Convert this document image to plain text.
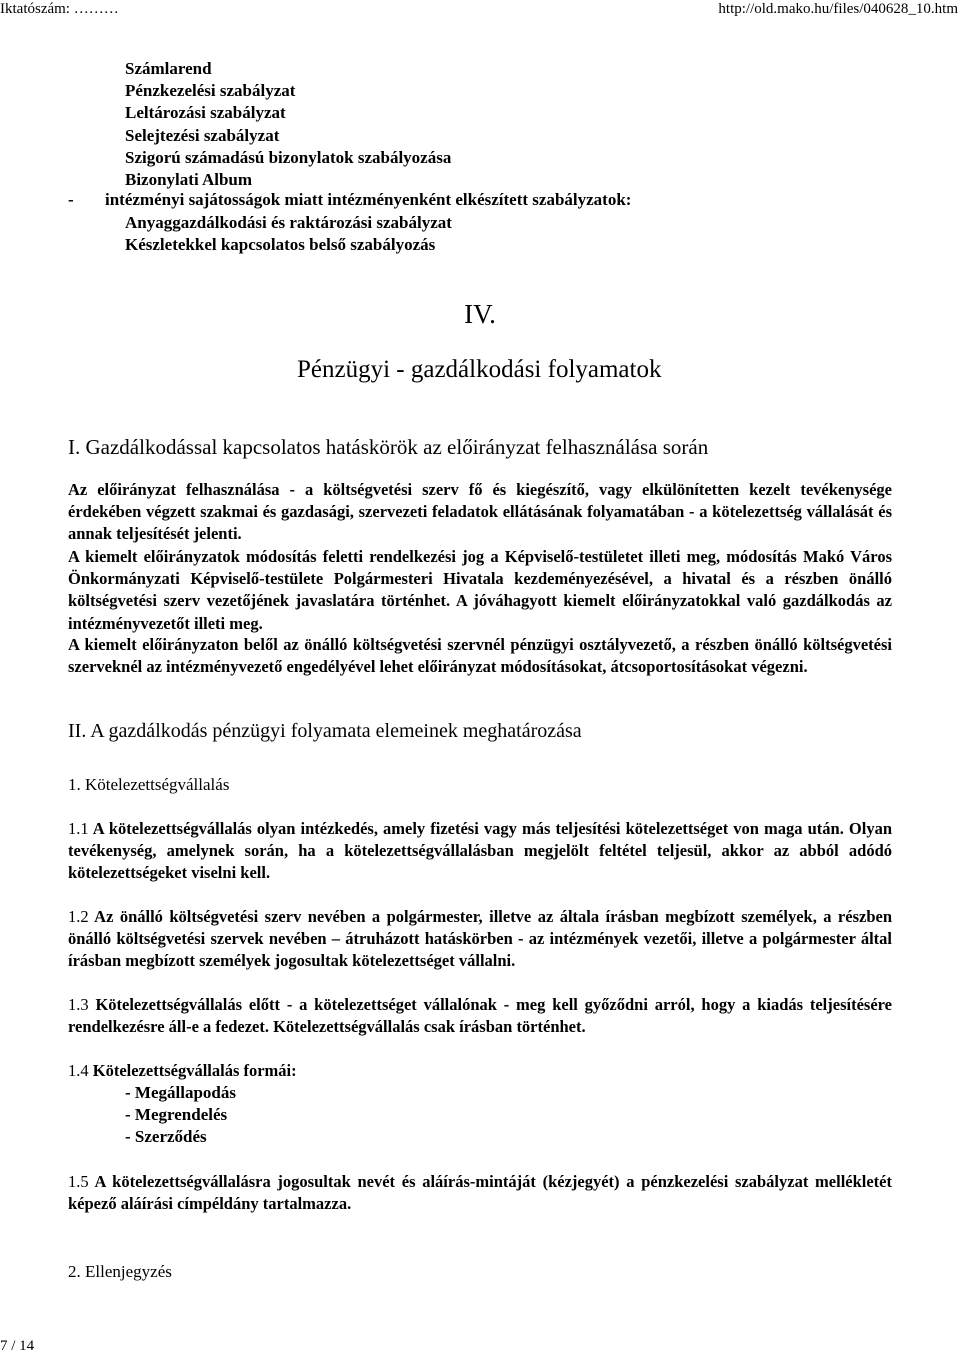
Iktatószám: ………	http://old.mako.hu/files/040628_10.htm
Számlarend
Pénzkezelési szabályzat
Leltározási szabályzat
Selejtezési szabályzat
Szigorú számadású bizonylatok szabályozása
Bizonylati Album
- intézményi sajátosságok miatt intézményenként elkészített szabályzatok:
Anyaggazdálkodási és raktározási szabályzat
Készletekkel kapcsolatos belső szabályozás
IV.
Pénzügyi - gazdálkodási folyamatok
I. Gazdálkodással kapcsolatos hatáskörök az előirányzat felhasználása során
Az előirányzat felhasználása - a költségvetési szerv fő és kiegészítő, vagy elkülönítetten kezelt tevékenysége érdekében végzett szakmai és gazdasági, szervezeti feladatok ellátásának folyamatában - a kötelezettség vállalását és annak teljesítését jelenti.
A kiemelt előirányzatok módosítás feletti rendelkezési jog a Képviselő-testületet illeti meg, módosítás Makó Város Önkormányzati Képviselő-testülete Polgármesteri Hivatala kezdeményezésével, a hivatal és a részben önálló költségvetési szerv vezetőjének javaslatára történhet. A jóváhagyott kiemelt előirányzatokkal való gazdálkodás az intézményvezetőt illeti meg.
A kiemelt előirányzaton belől az önálló költségvetési szervnél pénzügyi osztályvezető, a részben önálló költségvetési szerveknél az intézményvezető engedélyével lehet előirányzat módosításokat, átcsoportosításokat végezni.
II. A gazdálkodás pénzügyi folyamata elemeinek meghatározása
1. Kötelezettségvállalás
1.1 A kötelezettségvállalás olyan intézkedés, amely fizetési vagy más teljesítési kötelezettséget von maga után. Olyan tevékenység, amelynek során, ha a kötelezettségvállalásban megjelölt feltétel teljesül, akkor az abból adódó kötelezettségeket viselni kell.
1.2 Az önálló költségvetési szerv nevében a polgármester, illetve az általa írásban megbízott személyek, a részben önálló költségvetési szervek nevében – átruházott hatáskörben - az intézmények vezetői, illetve a polgármester által írásban megbízott személyek jogosultak kötelezettséget vállalni.
1.3 Kötelezettségvállalás előtt - a kötelezettséget vállalónak - meg kell győződni arról, hogy a kiadás teljesítésére rendelkezésre áll-e a fedezet. Kötelezettségvállalás csak írásban történhet.
1.4 Kötelezettségvállalás formái:
- Megállapodás
- Megrendelés
- Szerződés
1.5 A kötelezettségvállalásra jogosultak nevét és aláírás-mintáját (kézjegyét) a pénzkezelési szabályzat mellékletét képező aláírási címpéldány tartalmazza.
2. Ellenjegyzés
7 / 14
